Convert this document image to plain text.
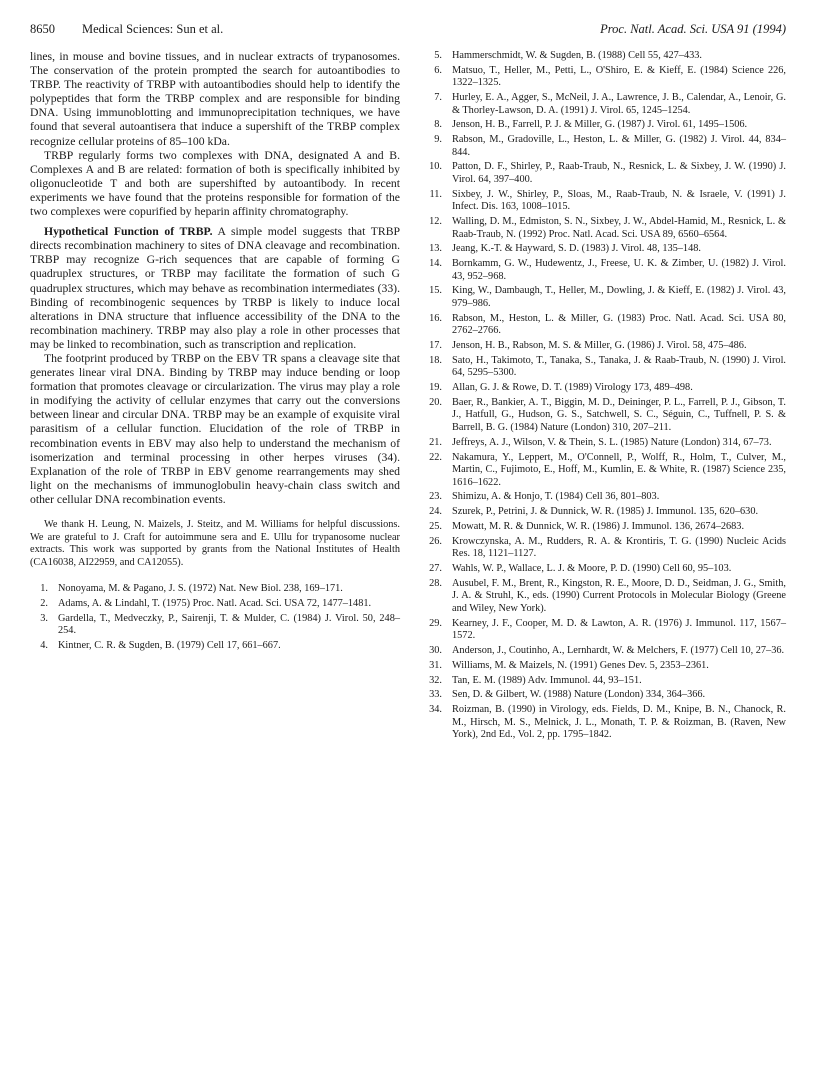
8650 Medical Sciences: Sun et al.	Proc. Natl. Acad. Sci. USA 91 (1994)

lines, in mouse and bovine tissues, and in nuclear extracts of trypanosomes. The conservation of the protein prompted the search for autoantibodies to TRBP. The reactivity of TRBP with autoantibodies should help to identify the polypeptides that form the TRBP complex and are responsible for binding DNA. Using immunoblotting and immunoprecipitation techniques, we have found that several autoantisera that induce a supershift of the TRBP complex recognize cellular proteins of 85–100 kDa.

TRBP regularly forms two complexes with DNA, designated A and B. Complexes A and B are related: formation of both is specifically inhibited by oligonucleotide T and both are supershifted by autoantibody. In recent experiments we have found that the proteins responsible for formation of the two complexes were copurified by heparin affinity chromatography.

Hypothetical Function of TRBP. A simple model suggests that TRBP directs recombination machinery to sites of DNA cleavage and recombination. TRBP may recognize G-rich sequences that are capable of forming G quadruplex structures, or TRBP may facilitate the formation of such G quadruplex structures, which may behave as recombination intermediates (33). Binding of recombinogenic sequences by TRBP is likely to induce local alterations in DNA structure that influence accessibility of the DNA to the recombination machinery. TRBP may also play a role in other processes that may be linked to recombination, such as transcription and replication.

The footprint produced by TRBP on the EBV TR spans a cleavage site that generates linear viral DNA. Binding by TRBP may induce bending or loop formation that promotes cleavage or circularization. The virus may play a role in modifying the activity of cellular enzymes that carry out the conversions between linear and circular DNA. TRBP may be an example of exquisite viral parasitism of a cellular function. Elucidation of the role of TRBP in recombination events in EBV may also help to understand the mechanism of isomerization and terminal processing in other herpes viruses (34). Explanation of the role of TRBP in EBV genome rearrangements may shed light on the mechanisms of immunoglobulin heavy-chain class switch and other cellular DNA recombination events.

We thank H. Leung, N. Maizels, J. Steitz, and M. Williams for helpful discussions. We are grateful to J. Craft for autoimmune sera and E. Ullu for trypanosome nuclear extracts. This work was supported by grants from the National Institutes of Health (CA16038, AI22959, and CA12055).

1. Nonoyama, M. & Pagano, J. S. (1972) Nat. New Biol. 238, 169–171.
2. Adams, A. & Lindahl, T. (1975) Proc. Natl. Acad. Sci. USA 72, 1477–1481.
3. Gardella, T., Medveczky, P., Sairenji, T. & Mulder, C. (1984) J. Virol. 50, 248–254.
4. Kintner, C. R. & Sugden, B. (1979) Cell 17, 661–667.
5. Hammerschmidt, W. & Sugden, B. (1988) Cell 55, 427–433.
6. Matsuo, T., Heller, M., Petti, L., O'Shiro, E. & Kieff, E. (1984) Science 226, 1322–1325.
7. Hurley, E. A., Agger, S., McNeil, J. A., Lawrence, J. B., Calendar, A., Lenoir, G. & Thorley-Lawson, D. A. (1991) J. Virol. 65, 1245–1254.
8. Jenson, H. B., Farrell, P. J. & Miller, G. (1987) J. Virol. 61, 1495–1506.
9. Rabson, M., Gradoville, L., Heston, L. & Miller, G. (1982) J. Virol. 44, 834–844.
10. Patton, D. F., Shirley, P., Raab-Traub, N., Resnick, L. & Sixbey, J. W. (1990) J. Virol. 64, 397–400.
11. Sixbey, J. W., Shirley, P., Sloas, M., Raab-Traub, N. & Israele, V. (1991) J. Infect. Dis. 163, 1008–1015.
12. Walling, D. M., Edmiston, S. N., Sixbey, J. W., Abdel-Hamid, M., Resnick, L. & Raab-Traub, N. (1992) Proc. Natl. Acad. Sci. USA 89, 6560–6564.
13. Jeang, K.-T. & Hayward, S. D. (1983) J. Virol. 48, 135–148.
14. Bornkamm, G. W., Hudewentz, J., Freese, U. K. & Zimber, U. (1982) J. Virol. 43, 952–968.
15. King, W., Dambaugh, T., Heller, M., Dowling, J. & Kieff, E. (1982) J. Virol. 43, 979–986.
16. Rabson, M., Heston, L. & Miller, G. (1983) Proc. Natl. Acad. Sci. USA 80, 2762–2766.
17. Jenson, H. B., Rabson, M. S. & Miller, G. (1986) J. Virol. 58, 475–486.
18. Sato, H., Takimoto, T., Tanaka, S., Tanaka, J. & Raab-Traub, N. (1990) J. Virol. 64, 5295–5300.
19. Allan, G. J. & Rowe, D. T. (1989) Virology 173, 489–498.
20. Baer, R., Bankier, A. T., Biggin, M. D., Deininger, P. L., Farrell, P. J., Gibson, T. J., Hatfull, G., Hudson, G. S., Satchwell, S. C., Séguin, C., Tuffnell, P. S. & Barrell, B. G. (1984) Nature (London) 310, 207–211.
21. Jeffreys, A. J., Wilson, V. & Thein, S. L. (1985) Nature (London) 314, 67–73.
22. Nakamura, Y., Leppert, M., O'Connell, P., Wolff, R., Holm, T., Culver, M., Martin, C., Fujimoto, E., Hoff, M., Kumlin, E. & White, R. (1987) Science 235, 1616–1622.
23. Shimizu, A. & Honjo, T. (1984) Cell 36, 801–803.
24. Szurek, P., Petrini, J. & Dunnick, W. R. (1985) J. Immunol. 135, 620–630.
25. Mowatt, M. R. & Dunnick, W. R. (1986) J. Immunol. 136, 2674–2683.
26. Krowczynska, A. M., Rudders, R. A. & Krontiris, T. G. (1990) Nucleic Acids Res. 18, 1121–1127.
27. Wahls, W. P., Wallace, L. J. & Moore, P. D. (1990) Cell 60, 95–103.
28. Ausubel, F. M., Brent, R., Kingston, R. E., Moore, D. D., Seidman, J. G., Smith, J. A. & Struhl, K., eds. (1990) Current Protocols in Molecular Biology (Greene and Wiley, New York).
29. Kearney, J. F., Cooper, M. D. & Lawton, A. R. (1976) J. Immunol. 117, 1567–1572.
30. Anderson, J., Coutinho, A., Lernhardt, W. & Melchers, F. (1977) Cell 10, 27–36.
31. Williams, M. & Maizels, N. (1991) Genes Dev. 5, 2353–2361.
32. Tan, E. M. (1989) Adv. Immunol. 44, 93–151.
33. Sen, D. & Gilbert, W. (1988) Nature (London) 334, 364–366.
34. Roizman, B. (1990) in Virology, eds. Fields, D. M., Knipe, B. N., Chanock, R. M., Hirsch, M. S., Melnick, J. L., Monath, T. P. & Roizman, B. (Raven, New York), 2nd Ed., Vol. 2, pp. 1795–1842.
